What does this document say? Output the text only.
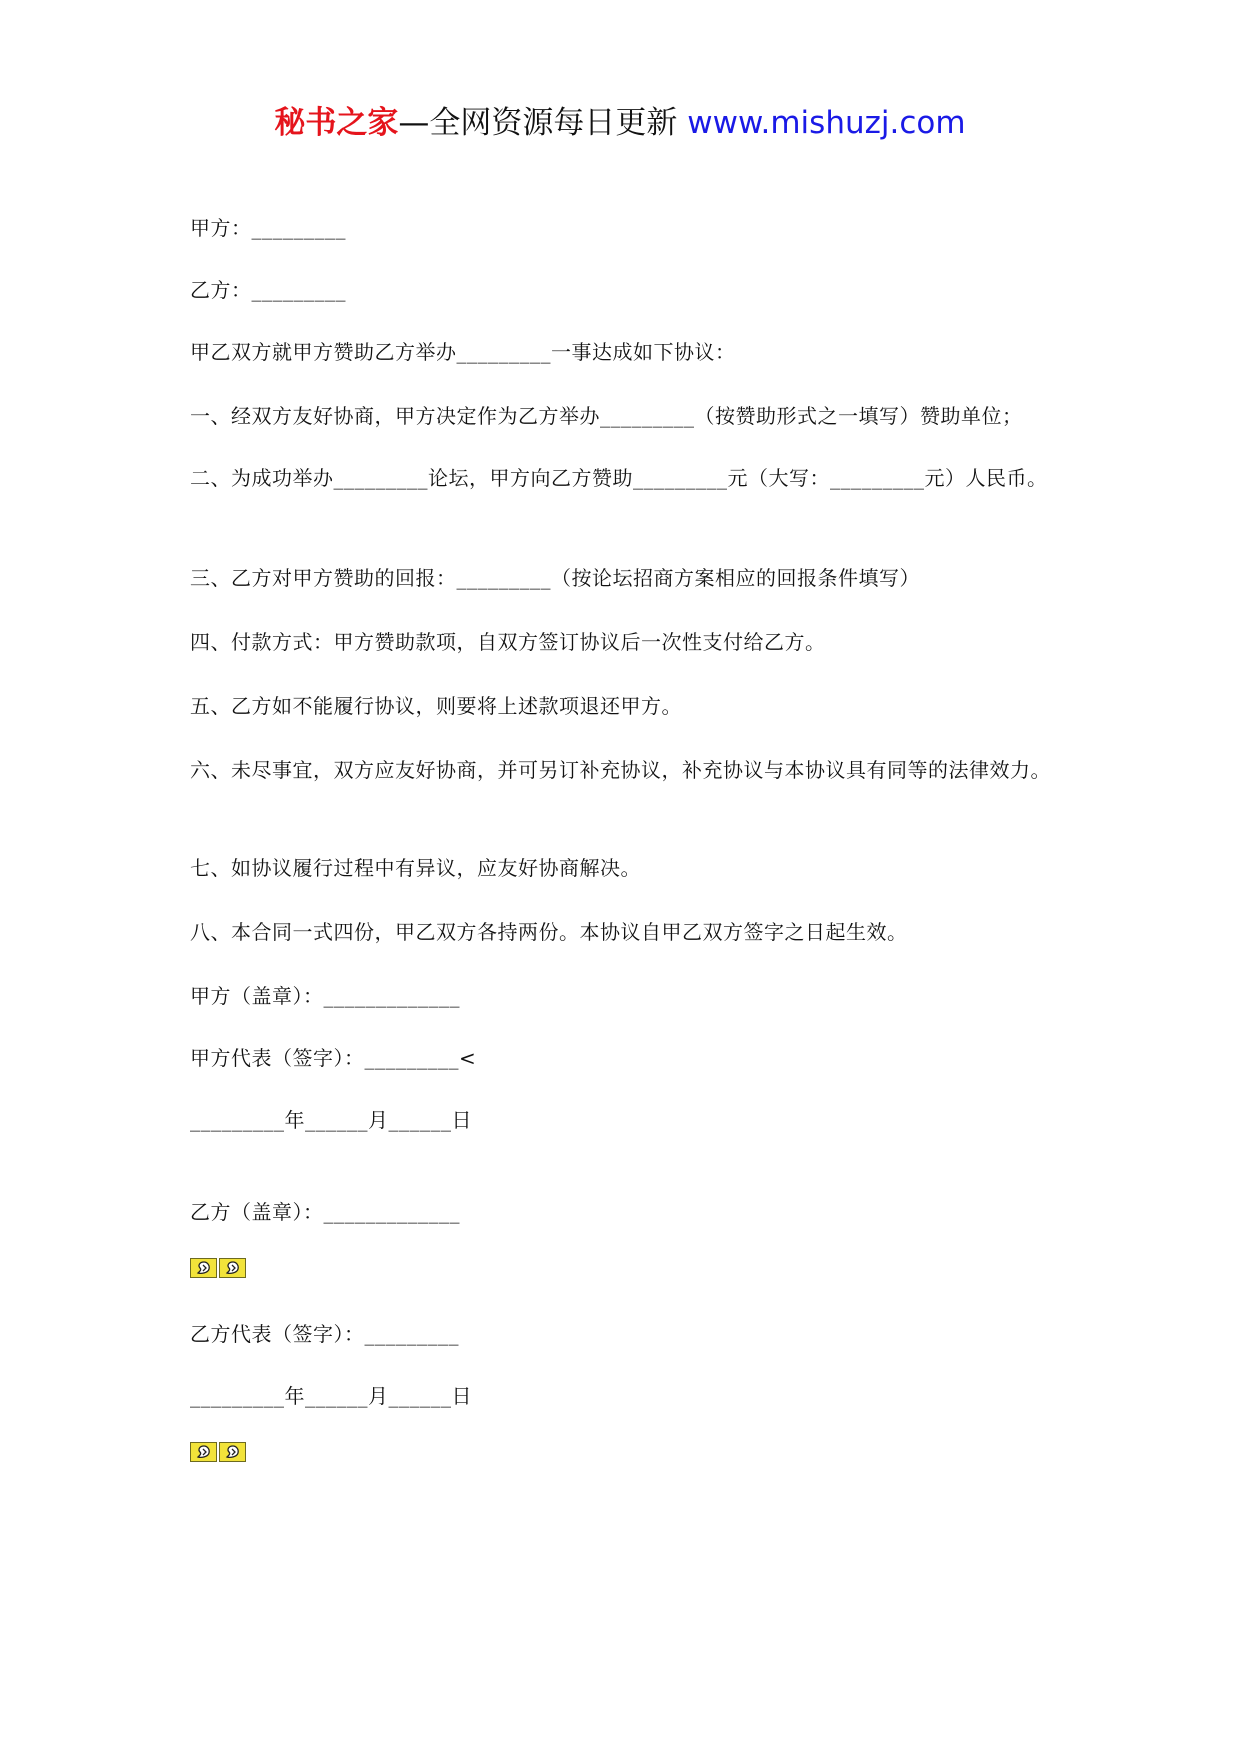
秘书之家—全网资源每日更新 www.mishuzj.com

甲方：_________

乙方：_________

甲乙双方就甲方赞助乙方举办_________一事达成如下协议：

一、经双方友好协商，甲方决定作为乙方举办_________（按赞助形式之一填写）赞助单位；

二、为成功举办_________论坛，甲方向乙方赞助_________元（大写：_________元）人民币。

三、乙方对甲方赞助的回报：_________（按论坛招商方案相应的回报条件填写）

四、付款方式：甲方赞助款项，自双方签订协议后一次性支付给乙方。

五、乙方如不能履行协议，则要将上述款项退还甲方。

六、未尽事宜，双方应友好协商，并可另订补充协议，补充协议与本协议具有同等的法律效力。

七、如协议履行过程中有异议，应友好协商解决。

八、本合同一式四份，甲乙双方各持两份。本协议自甲乙双方签字之日起生效。

甲方（盖章）：_____________

甲方代表（签字）：_________<

_________年______月______日

乙方（盖章）：_____________

乙方代表（签字）：_________

_________年______月______日
